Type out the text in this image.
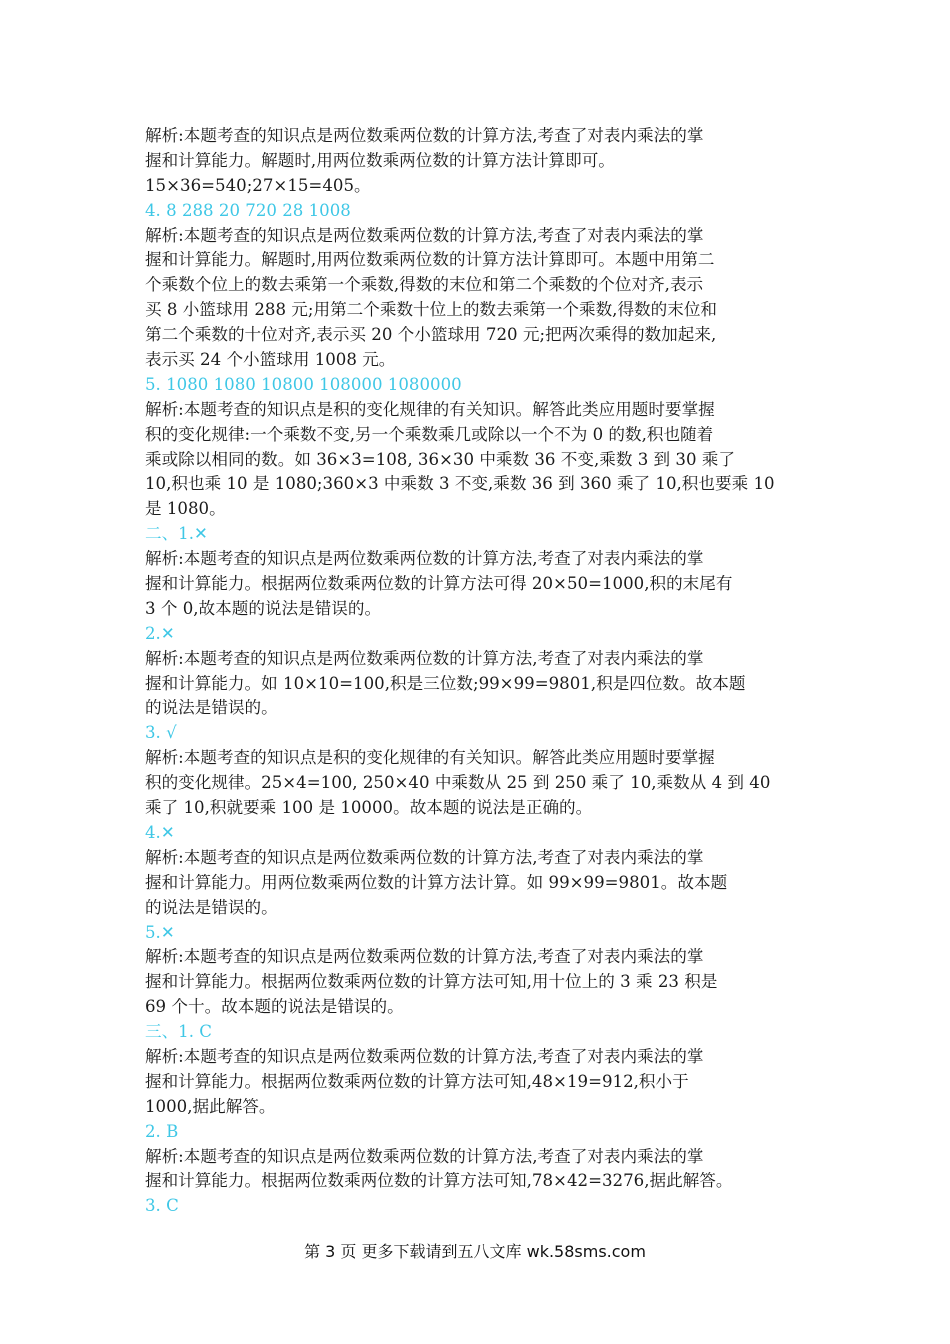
解析:本题考查的知识点是两位数乘两位数的计算方法,考查了对表内乘法的掌
握和计算能力。解题时,用两位数乘两位数的计算方法计算即可。
15×36=540;27×15=405。
4. 8 288 20 720 28 1008
解析:本题考查的知识点是两位数乘两位数的计算方法,考查了对表内乘法的掌
握和计算能力。解题时,用两位数乘两位数的计算方法计算即可。本题中用第二
个乘数个位上的数去乘第一个乘数,得数的末位和第二个乘数的个位对齐,表示
买 8 小篮球用 288 元;用第二个乘数十位上的数去乘第一个乘数,得数的末位和
第二个乘数的十位对齐,表示买 20 个小篮球用 720 元;把两次乘得的数加起来,
表示买 24 个小篮球用 1008 元。
5. 1080 1080 10800 108000 1080000
解析:本题考查的知识点是积的变化规律的有关知识。解答此类应用题时要掌握
积的变化规律:一个乘数不变,另一个乘数乘几或除以一个不为 0 的数,积也随着
乘或除以相同的数。如 36×3=108, 36×30 中乘数 36 不变,乘数 3 到 30 乘了
10,积也乘 10 是 1080;360×3 中乘数 3 不变,乘数 36 到 360 乘了 10,积也要乘 10
是 1080。
二、1.✕
解析:本题考查的知识点是两位数乘两位数的计算方法,考查了对表内乘法的掌
握和计算能力。根据两位数乘两位数的计算方法可得 20×50=1000,积的末尾有
3 个 0,故本题的说法是错误的。
2.✕
解析:本题考查的知识点是两位数乘两位数的计算方法,考查了对表内乘法的掌
握和计算能力。如 10×10=100,积是三位数;99×99=9801,积是四位数。故本题
的说法是错误的。
3. √
解析:本题考查的知识点是积的变化规律的有关知识。解答此类应用题时要掌握
积的变化规律。25×4=100, 250×40 中乘数从 25 到 250 乘了 10,乘数从 4 到 40
乘了 10,积就要乘 100 是 10000。故本题的说法是正确的。
4.✕
解析:本题考查的知识点是两位数乘两位数的计算方法,考查了对表内乘法的掌
握和计算能力。用两位数乘两位数的计算方法计算。如 99×99=9801。故本题
的说法是错误的。
5.✕
解析:本题考查的知识点是两位数乘两位数的计算方法,考查了对表内乘法的掌
握和计算能力。根据两位数乘两位数的计算方法可知,用十位上的 3 乘 23 积是
69 个十。故本题的说法是错误的。
三、1. C
解析:本题考查的知识点是两位数乘两位数的计算方法,考查了对表内乘法的掌
握和计算能力。根据两位数乘两位数的计算方法可知,48×19=912,积小于
1000,据此解答。
2. B
解析:本题考查的知识点是两位数乘两位数的计算方法,考查了对表内乘法的掌
握和计算能力。根据两位数乘两位数的计算方法可知,78×42=3276,据此解答。
3. C
第 3 页 更多下载请到五八文库 wk.58sms.com
